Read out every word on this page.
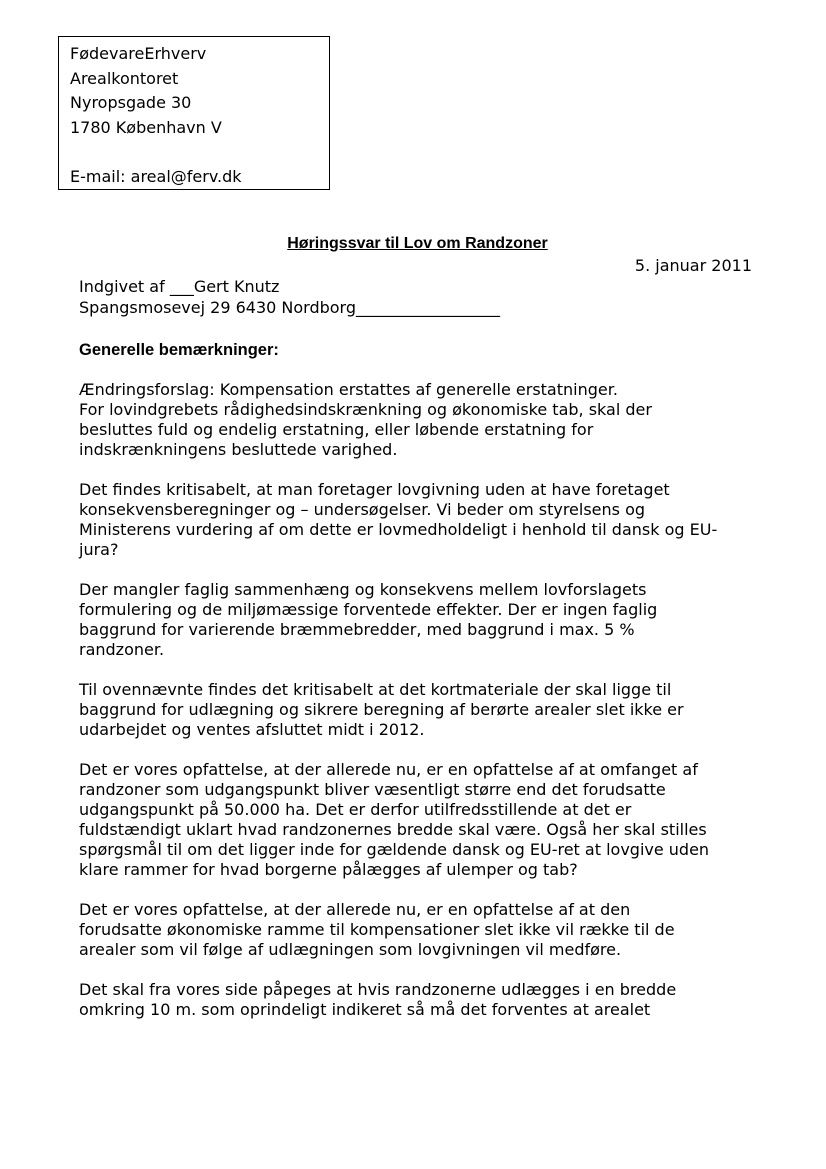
FødevareErhverv
Arealkontoret
Nyropsgade 30
1780 København V
E-mail: areal@ferv.dk
Høringssvar til Lov om Randzoner
5. januar 2011
Indgivet af ___Gert Knutz
Spangsmosevej 29 6430 Nordborg__________________
Generelle bemærkninger:
Ændringsforslag: Kompensation erstattes af generelle erstatninger.
For lovindgrebets rådighedsindskrænkning og økonomiske tab, skal der
besluttes fuld og endelig erstatning, eller løbende erstatning for
indskrænkningens besluttede varighed.
Det findes kritisabelt, at man foretager lovgivning uden at have foretaget
konsekvensberegninger og – undersøgelser. Vi beder om styrelsens og
Ministerens vurdering af om dette er lovmedholdeligt i henhold til dansk og EU-
jura?
Der mangler faglig sammenhæng og konsekvens mellem lovforslagets
formulering og de miljømæssige forventede effekter. Der er ingen faglig
baggrund for varierende bræmmebredder, med baggrund i max. 5 %
randzoner.
Til ovennævnte findes det kritisabelt at det kortmateriale der skal ligge til
baggrund for udlægning og sikrere beregning af berørte arealer slet ikke er
udarbejdet og ventes afsluttet midt i 2012.
Det er vores opfattelse, at der allerede nu, er en opfattelse af at omfanget af
randzoner som udgangspunkt bliver væsentligt større end det forudsatte
udgangspunkt på 50.000 ha. Det er derfor utilfredsstillende at det er
fuldstændigt uklart hvad randzonernes bredde skal være. Også her skal stilles
spørgsmål til om det ligger inde for gældende dansk og EU-ret at lovgive uden
klare rammer for hvad borgerne pålægges af ulemper og tab?
Det er vores opfattelse, at der allerede nu, er en opfattelse af at den
forudsatte økonomiske ramme til kompensationer slet ikke vil række til de
arealer som vil følge af udlægningen som lovgivningen vil medføre.
Det skal fra vores side påpeges at hvis randzonerne udlægges i en bredde
omkring 10 m. som oprindeligt indikeret så må det forventes at arealet
